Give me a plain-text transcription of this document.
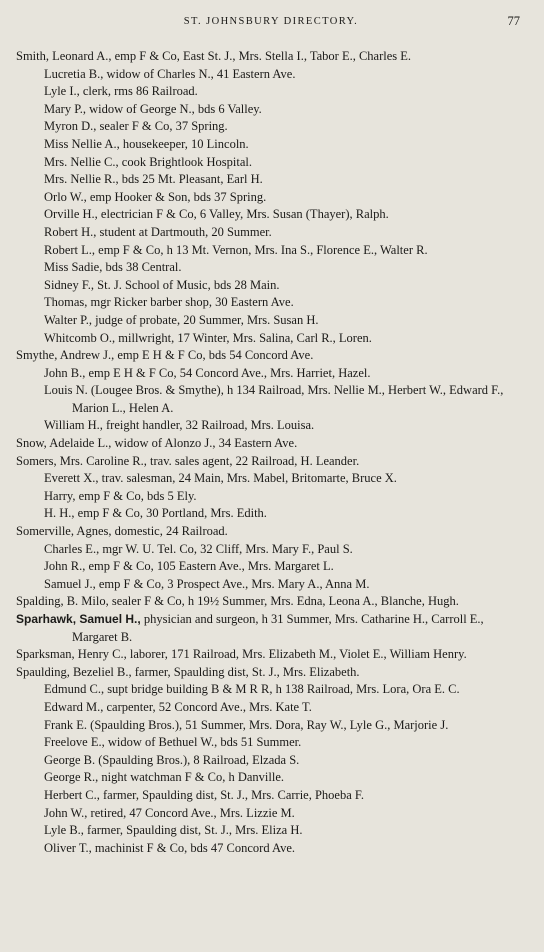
ST. JOHNSBURY DIRECTORY.	77
Smith, Leonard A., emp F & Co, East St. J., Mrs. Stella I., Tabor E., Charles E.
Lucretia B., widow of Charles N., 41 Eastern Ave.
Lyle I., clerk, rms 86 Railroad.
Mary P., widow of George N., bds 6 Valley.
Myron D., sealer F & Co, 37 Spring.
Miss Nellie A., housekeeper, 10 Lincoln.
Mrs. Nellie C., cook Brightlook Hospital.
Mrs. Nellie R., bds 25 Mt. Pleasant, Earl H.
Orlo W., emp Hooker & Son, bds 37 Spring.
Orville H., electrician F & Co, 6 Valley, Mrs. Susan (Thayer), Ralph.
Robert H., student at Dartmouth, 20 Summer.
Robert L., emp F & Co, h 13 Mt. Vernon, Mrs. Ina S., Florence E., Walter R.
Miss Sadie, bds 38 Central.
Sidney F., St. J. School of Music, bds 28 Main.
Thomas, mgr Ricker barber shop, 30 Eastern Ave.
Walter P., judge of probate, 20 Summer, Mrs. Susan H.
Whitcomb O., millwright, 17 Winter, Mrs. Salina, Carl R., Loren.
Smythe, Andrew J., emp E H & F Co, bds 54 Concord Ave.
John B., emp E H & F Co, 54 Concord Ave., Mrs. Harriet, Hazel.
Louis N. (Lougee Bros. & Smythe), h 134 Railroad, Mrs. Nellie M., Herbert W., Edward F., Marion L., Helen A.
William H., freight handler, 32 Railroad, Mrs. Louisa.
Snow, Adelaide L., widow of Alonzo J., 34 Eastern Ave.
Somers, Mrs. Caroline R., trav. sales agent, 22 Railroad, H. Leander.
Everett X., trav. salesman, 24 Main, Mrs. Mabel, Britomarte, Bruce X.
Harry, emp F & Co, bds 5 Ely.
H. H., emp F & Co, 30 Portland, Mrs. Edith.
Somerville, Agnes, domestic, 24 Railroad.
Charles E., mgr W. U. Tel. Co, 32 Cliff, Mrs. Mary F., Paul S.
John R., emp F & Co, 105 Eastern Ave., Mrs. Margaret L.
Samuel J., emp F & Co, 3 Prospect Ave., Mrs. Mary A., Anna M.
Spalding, B. Milo, sealer F & Co, h 19½ Summer, Mrs. Edna, Leona A., Blanche, Hugh.
Sparhawk, Samuel H., physician and surgeon, h 31 Summer, Mrs. Catharine H., Carroll E., Margaret B.
Sparksman, Henry C., laborer, 171 Railroad, Mrs. Elizabeth M., Violet E., William Henry.
Spaulding, Bezeliel B., farmer, Spaulding dist, St. J., Mrs. Elizabeth.
Edmund C., supt bridge building B & M R R, h 138 Railroad, Mrs. Lora, Ora E. C.
Edward M., carpenter, 52 Concord Ave., Mrs. Kate T.
Frank E. (Spaulding Bros.), 51 Summer, Mrs. Dora, Ray W., Lyle G., Marjorie J.
Freelove E., widow of Bethuel W., bds 51 Summer.
George B. (Spaulding Bros.), 8 Railroad, Elzada S.
George R., night watchman F & Co, h Danville.
Herbert C., farmer, Spaulding dist, St. J., Mrs. Carrie, Phoeba F.
John W., retired, 47 Concord Ave., Mrs. Lizzie M.
Lyle B., farmer, Spaulding dist, St. J., Mrs. Eliza H.
Oliver T., machinist F & Co, bds 47 Concord Ave.
